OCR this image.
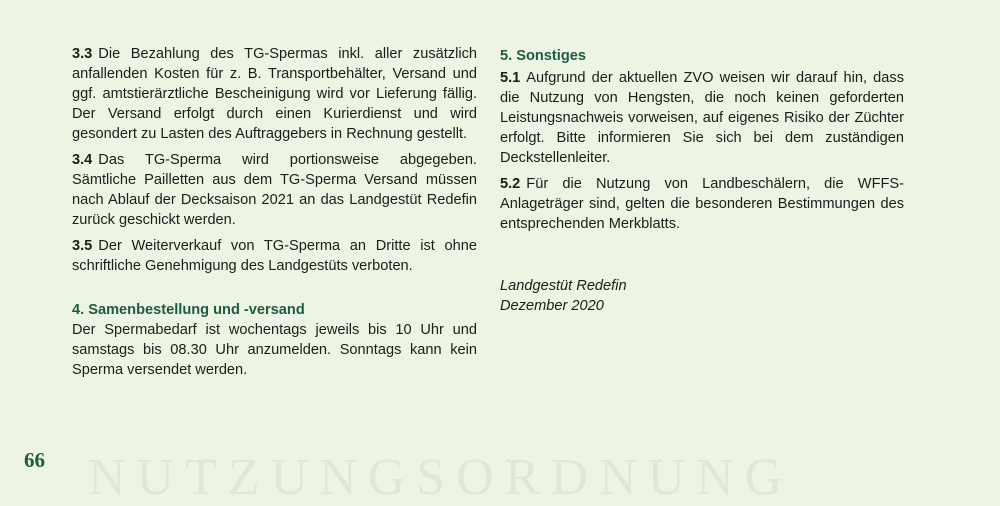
3.3 Die Bezahlung des TG-Spermas inkl. aller zusätzlich anfallenden Kosten für z. B. Transportbehälter, Versand und ggf. amtstierärztliche Bescheinigung wird vor Lieferung fällig. Der Versand erfolgt durch einen Kurierdienst und wird gesondert zu Lasten des Auftraggebers in Rechnung gestellt.

3.4 Das TG-Sperma wird portionsweise abgegeben. Sämtliche Pailletten aus dem TG-Sperma Versand müssen nach Ablauf der Decksaison 2021 an das Landgestüt Redefin zurück geschickt werden.

3.5 Der Weiterverkauf von TG-Sperma an Dritte ist ohne schriftliche Genehmigung des Landgestüts verboten.

4. Samenbestellung und -versand

Der Spermabedarf ist wochentags jeweils bis 10 Uhr und samstags bis 08.30 Uhr anzumelden. Sonntags kann kein Sperma versendet werden.

5. Sonstiges

5.1 Aufgrund der aktuellen ZVO weisen wir darauf hin, dass die Nutzung von Hengsten, die noch keinen geforderten Leistungsnachweis vorweisen, auf eigenes Risiko der Züchter erfolgt. Bitte informieren Sie sich bei dem zuständigen Deckstellenleiter.

5.2 Für die Nutzung von Landbeschälern, die WFFS-Anlageträger sind, gelten die besonderen Bestimmungen des entsprechenden Merkblatts.

Landgestüt Redefin
Dezember 2020
66 NUTZUNGSORDNUNG
